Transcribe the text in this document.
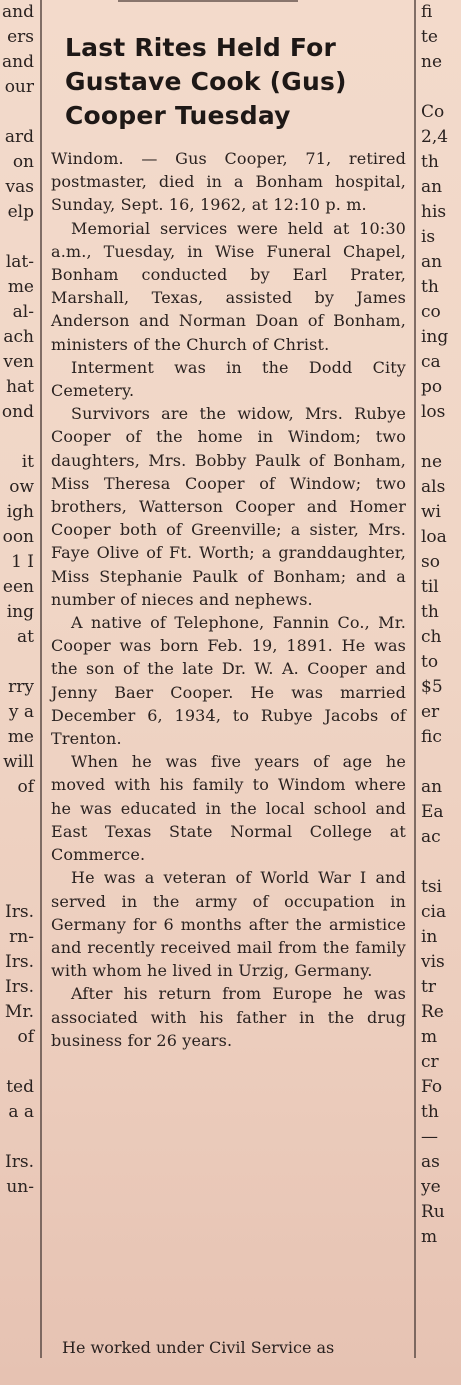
and
ers
and
our
ard
on
vas
elp
lat-
me
al-
ach
ven
hat
ond
it
ow
igh
oon
1 I
een
ing
at
rry
y a
me
will
of
Irs.
rn-
Irs.
Irs.
Mr.
of
ted
a a
Irs.
un-
fi
te
ne
Co
2,4
th
an
his
is
an
th
co
ing
ca
po
los
ne
als
wi
loa
so
til
th
ch
to
$5
er
fic
an
Ea
ac
tsi
cia
in
vis
tr
Re
m
cr
Fo
th
—
as
ye
Ru
m
Last Rites Held For
Gustave Cook (Gus)
Cooper Tuesday

Windom. — Gus Cooper, 71, retired postmaster, died in a Bonham hospital, Sunday, Sept. 16, 1962, at 12:10 p. m.

Memorial services were held at 10:30 a.m., Tuesday, in Wise Funeral Chapel, Bonham conducted by Earl Prater, Marshall, Texas, assisted by James Anderson and Norman Doan of Bonham, ministers of the Church of Christ.

Interment was in the Dodd City Cemetery.

Survivors are the widow, Mrs. Rubye Cooper of the home in Windom; two daughters, Mrs. Bobby Paulk of Bonham, Miss Theresa Cooper of Window; two brothers, Watterson Cooper and Homer Cooper both of Greenville; a sister, Mrs. Faye Olive of Ft. Worth; a granddaughter, Miss Stephanie Paulk of Bonham; and a number of nieces and nephews.

A native of Telephone, Fannin Co., Mr. Cooper was born Feb. 19, 1891. He was the son of the late Dr. W. A. Cooper and Jenny Baer Cooper. He was married December 6, 1934, to Rubye Jacobs of Trenton.

When he was five years of age he moved with his family to Windom where he was educated in the local school and East Texas State Normal College at Commerce.

He was a veteran of World War I and served in the army of occupation in Germany for 6 months after the armistice and recently received mail from the family with whom he lived in Urzig, Germany.

After his return from Europe he was associated with his father in the drug business for 26 years.

He worked under Civil Service as
